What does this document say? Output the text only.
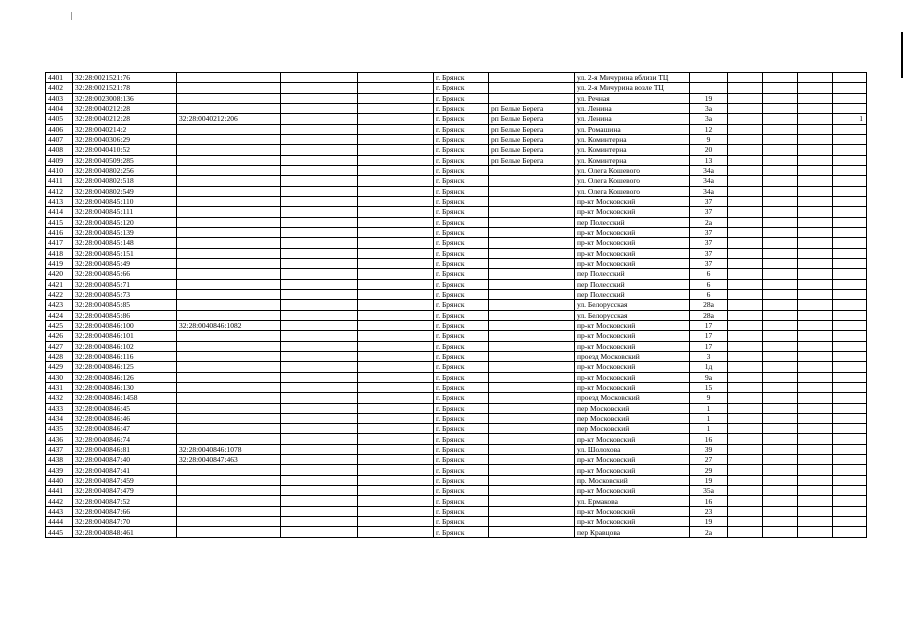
4401	32:28:0021521:76				г. Брянск		ул. 2-я Мичурина вблизи ТЦ					
4402	32:28:0021521:78				г. Брянск		ул. 2-я Мичурина возле ТЦ					
4403	32:28:0023008:136				г. Брянск		ул. Речная	19				
4404	32:28:0040212:28				г. Брянск	рп Белые Берега	ул. Ленина	3а				
4405	32:28:0040212:28	32:28:0040212:206			г. Брянск	рп Белые Берега	ул. Ленина	3а				1
4406	32:28:0040214:2				г. Брянск	рп Белые Берега	ул. Ромашина	12				
4407	32:28:0040306:29				г. Брянск	рп Белые Берега	ул. Коминтерна	9				
4408	32:28:0040410:52				г. Брянск	рп Белые Берега	ул. Коминтерна	20				
4409	32:28:0040509:285				г. Брянск	рп Белые Берега	ул. Коминтерна	13				
4410	32:28:0040802:256				г. Брянск		ул. Олега Кошевого	34а				
4411	32:28:0040802:518				г. Брянск		ул. Олега Кошевого	34а				
4412	32:28:0040802:549				г. Брянск		ул. Олега Кошевого	34а				
4413	32:28:0040845:110				г. Брянск		пр-кт Московский	37				
4414	32:28:0040845:111				г. Брянск		пр-кт Московский	37				
4415	32:28:0040845:120				г. Брянск		пер Полесский	2а				
4416	32:28:0040845:139				г. Брянск		пр-кт Московский	37				
4417	32:28:0040845:148				г. Брянск		пр-кт Московский	37				
4418	32:28:0040845:151				г. Брянск		пр-кт Московский	37				
4419	32:28:0040845:49				г. Брянск		пр-кт Московский	37				
4420	32:28:0040845:66				г. Брянск		пер Полесский	6				
4421	32:28:0040845:71				г. Брянск		пер Полесский	6				
4422	32:28:0040845:73				г. Брянск		пер Полесский	6				
4423	32:28:0040845:85				г. Брянск		ул. Белорусская	28а				
4424	32:28:0040845:86				г. Брянск		ул. Белорусская	28а				
4425	32:28:0040846:100	32:28:0040846:1082			г. Брянск		пр-кт Московский	17				
4426	32:28:0040846:101				г. Брянск		пр-кт Московский	17				
4427	32:28:0040846:102				г. Брянск		пр-кт Московский	17				
4428	32:28:0040846:116				г. Брянск		проезд Московский	3				
4429	32:28:0040846:125				г. Брянск		пр-кт Московский	1д				
4430	32:28:0040846:126				г. Брянск		пр-кт Московский	9а				
4431	32:28:0040846:130				г. Брянск		пр-кт Московский	15				
4432	32:28:0040846:1458				г. Брянск		проезд Московский	9				
4433	32:28:0040846:45				г. Брянск		пер Московский	1				
4434	32:28:0040846:46				г. Брянск		пер Московский	1				
4435	32:28:0040846:47				г. Брянск		пер Московский	1				
4436	32:28:0040846:74				г. Брянск		пр-кт Московский	16				
4437	32:28:0040846:81	32:28:0040846:1078			г. Брянск		ул. Шолохова	39				
4438	32:28:0040847:40	32:28:0040847:463			г. Брянск		пр-кт Московский	27				
4439	32:28:0040847:41				г. Брянск		пр-кт Московский	29				
4440	32:28:0040847:459				г. Брянск		пр. Московский	19				
4441	32:28:0040847:479				г. Брянск		пр-кт Московский	35а				
4442	32:28:0040847:52				г. Брянск		ул. Ермакова	16				
4443	32:28:0040847:66				г. Брянск		пр-кт Московский	23				
4444	32:28:0040847:70				г. Брянск		пр-кт Московский	19				
4445	32:28:0040848:461				г. Брянск		пер Кравцова	2а				
